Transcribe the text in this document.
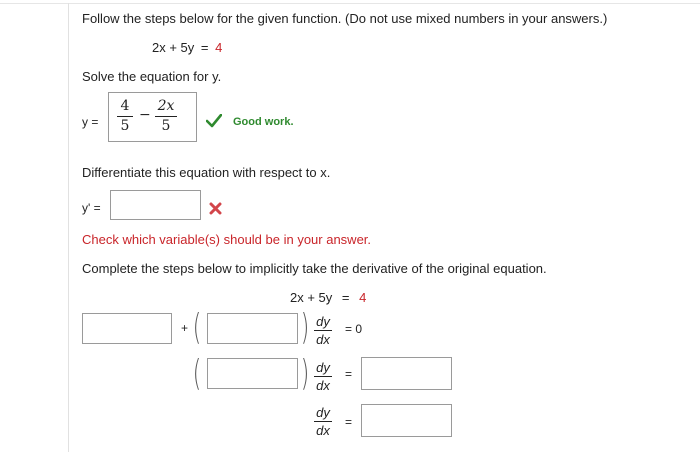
Follow the steps below for the given function. (Do not use mixed numbers in your answers.)
2x + 5y = 4
Solve the equation for y.
y =
4
5
−
2x
5	Good work.
Differentiate this equation with respect to x.
y' =
Check which variable(s) should be in your answer.
Complete the steps below to implicitly take the derivative of the original equation.
2x + 5y = 4
+ (	) dy
dx
= 0
(	) dy
dx
=
dy
dx
=
